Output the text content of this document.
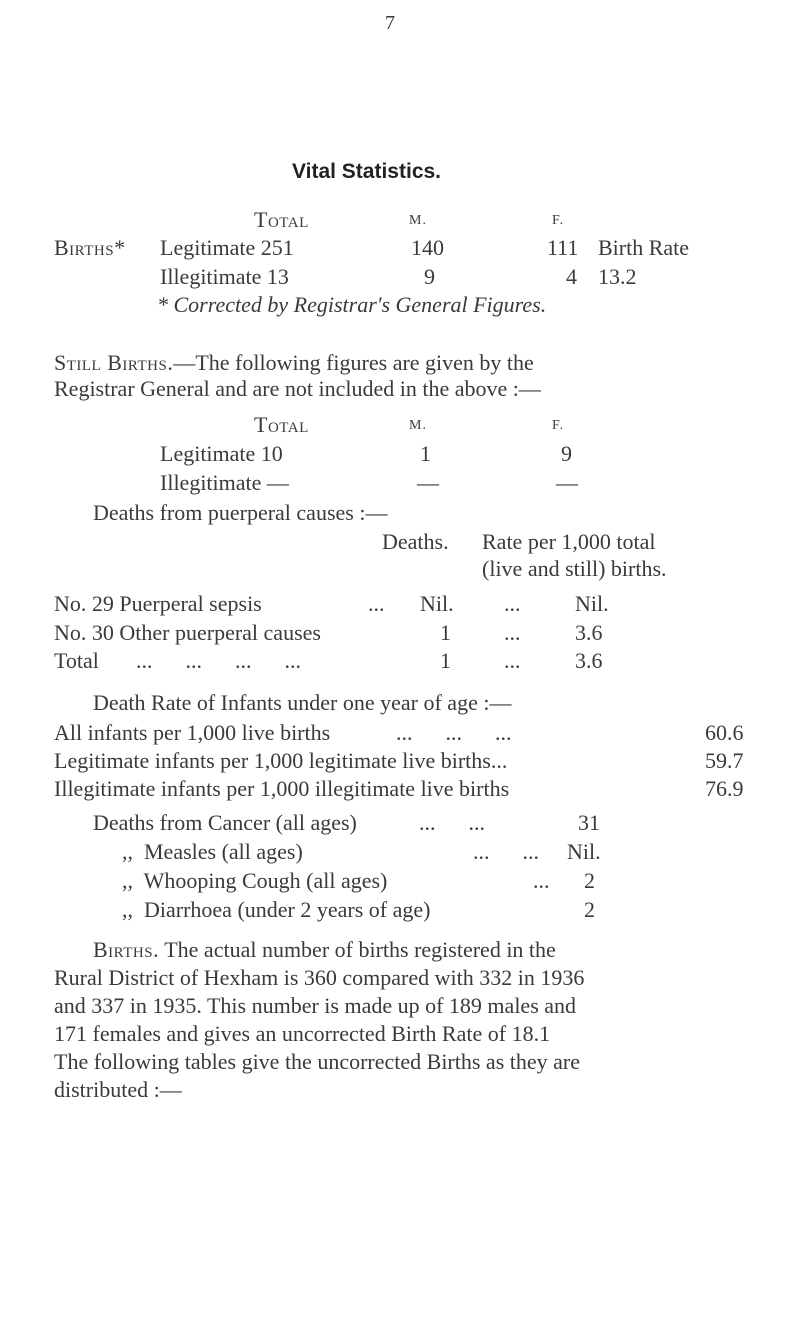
7
Vital Statistics.
Total	M.	F.
Births* Legitimate 251	140	111 Birth Rate
Illegitimate 13	9	4 13.2
* Corrected by Registrar's General Figures.
Still Births.—The following figures are given by the
Registrar General and are not included in the above :—
Total	M.	F.
Legitimate 10	1	9
Illegitimate —	—	—
Deaths from puerperal causes :—
Deaths. Rate per 1,000 total
(live and still) births.
No. 29 Puerperal sepsis	... Nil. ... Nil.
No. 30 Other puerperal causes	1 ... 3.6
Total ...      ...      ...      ...	1 ... 3.6
Death Rate of Infants under one year of age :—
All infants per 1,000 live births	...      ...      ...	60.6
Legitimate infants per 1,000 legitimate live births...	59.7
Illegitimate infants per 1,000 illegitimate live births	76.9
Deaths from Cancer (all ages)	...      ...	31
,,  Measles (all ages)	...      ... Nil.
,,  Whooping Cough (all ages)	... 2
,,  Diarrhoea (under 2 years of age)	2
Births. The actual number of births registered in the
Rural District of Hexham is 360 compared with 332 in 1936
and 337 in 1935. This number is made up of 189 males and
171 females and gives an uncorrected Birth Rate of 18.1
The following tables give the uncorrected Births as they are
distributed :—
